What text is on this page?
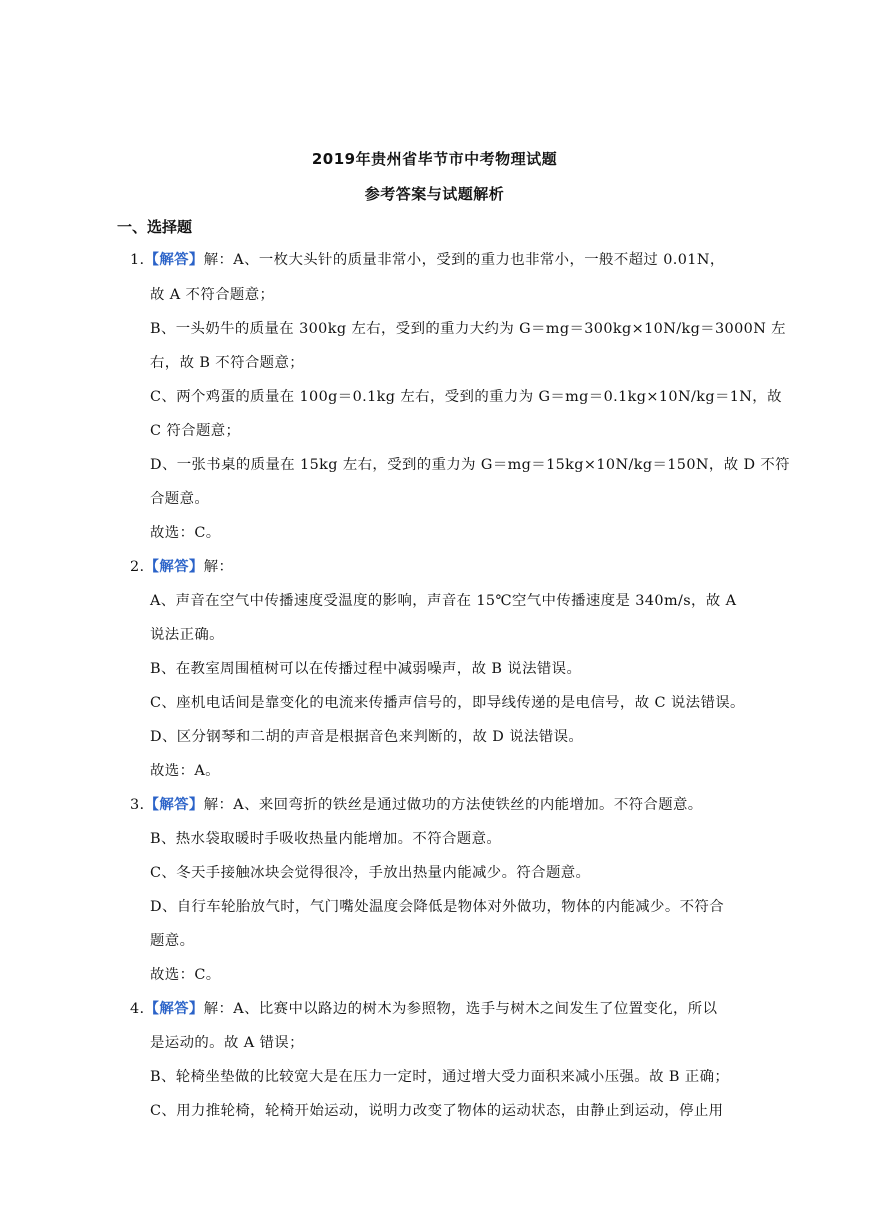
2019年贵州省毕节市中考物理试题
参考答案与试题解析
一、选择题
1.【解答】解：A、一枚大头针的质量非常小，受到的重力也非常小，一般不超过 0.01N，
故 A 不符合题意；
B、一头奶牛的质量在 300kg 左右，受到的重力大约为 G＝mg＝300kg×10N/kg＝3000N 左
右，故 B 不符合题意；
C、两个鸡蛋的质量在 100g＝0.1kg 左右，受到的重力为 G＝mg＝0.1kg×10N/kg＝1N，故
C 符合题意；
D、一张书桌的质量在 15kg 左右，受到的重力为 G＝mg＝15kg×10N/kg＝150N，故 D 不符
合题意。
故选：C。
2.【解答】解：
A、声音在空气中传播速度受温度的影响，声音在 15℃空气中传播速度是 340m/s，故 A
说法正确。
B、在教室周围植树可以在传播过程中减弱噪声，故 B 说法错误。
C、座机电话间是靠变化的电流来传播声信号的，即导线传递的是电信号，故 C 说法错误。
D、区分钢琴和二胡的声音是根据音色来判断的，故 D 说法错误。
故选：A。
3.【解答】解：A、来回弯折的铁丝是通过做功的方法使铁丝的内能增加。不符合题意。
B、热水袋取暖时手吸收热量内能增加。不符合题意。
C、冬天手接触冰块会觉得很冷，手放出热量内能减少。符合题意。
D、自行车轮胎放气时，气门嘴处温度会降低是物体对外做功，物体的内能减少。不符合
题意。
故选：C。
4.【解答】解：A、比赛中以路边的树木为参照物，选手与树木之间发生了位置变化，所以
是运动的。故 A 错误；
B、轮椅坐垫做的比较宽大是在压力一定时，通过增大受力面积来减小压强。故 B 正确；
C、用力推轮椅，轮椅开始运动，说明力改变了物体的运动状态，由静止到运动，停止用
